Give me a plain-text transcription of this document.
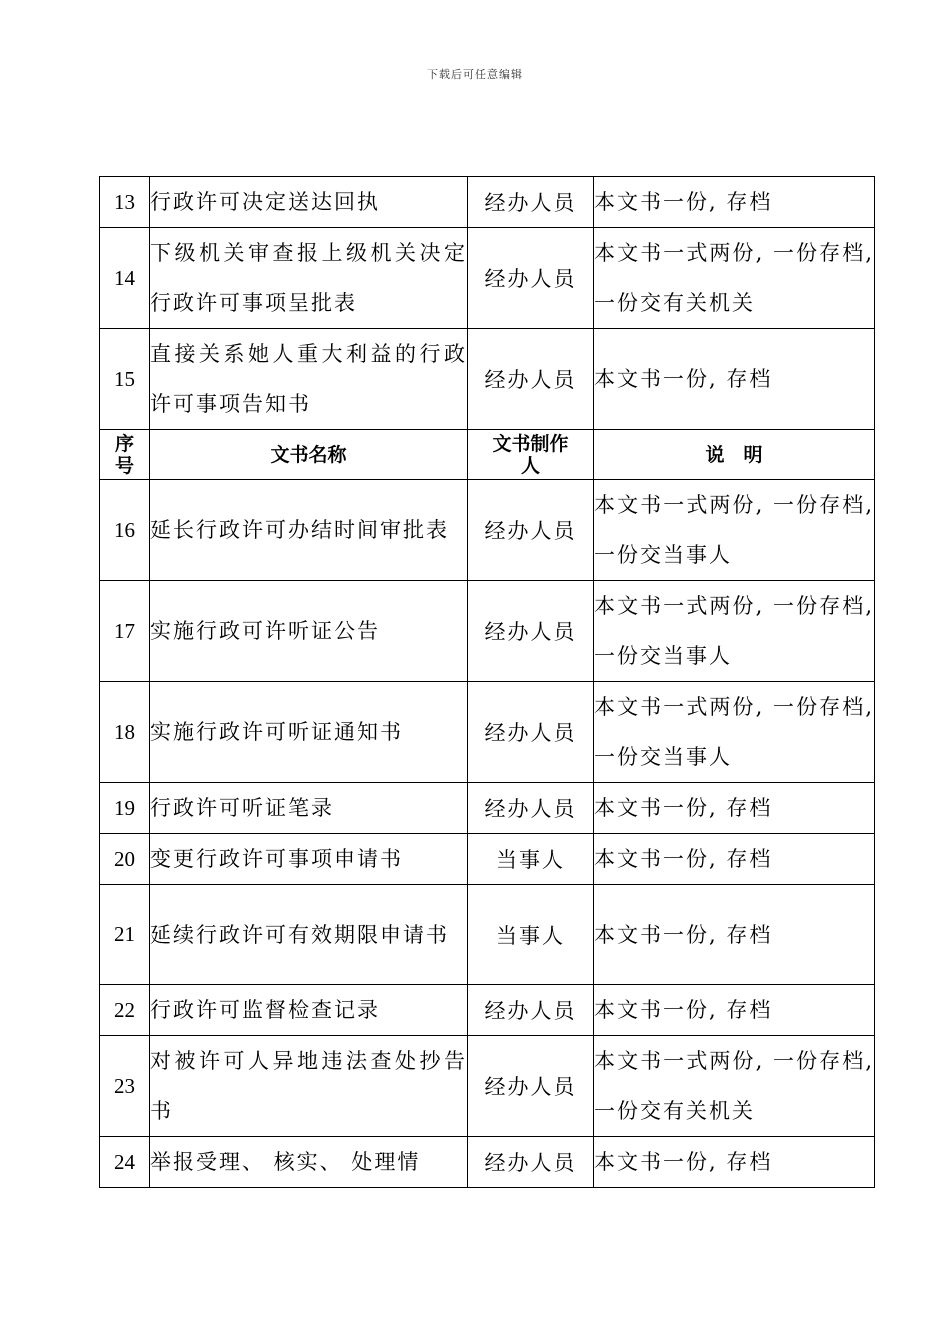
下载后可任意编辑
13	行政许可决定送达回执	经办人员	本文书一份, 存档
14	下级机关审查报上级机关决定行政许可事项呈批表	经办人员	本文书一式两份, 一份存档, 一份交有关机关
15	直接关系她人重大利益的行政许可事项告知书	经办人员	本文书一份, 存档
序号	文书名称	文书制作人	说　明
16	延长行政许可办结时间审批表	经办人员	本文书一式两份, 一份存档, 一份交当事人
17	实施行政可许听证公告	经办人员	本文书一式两份, 一份存档, 一份交当事人
18	实施行政许可听证通知书	经办人员	本文书一式两份, 一份存档, 一份交当事人
19	行政许可听证笔录	经办人员	本文书一份, 存档
20	变更行政许可事项申请书	当事人	本文书一份, 存档
21	延续行政许可有效期限申请书	当事人	本文书一份, 存档
22	行政许可监督检查记录	经办人员	本文书一份, 存档
23	对被许可人异地违法查处抄告书	经办人员	本文书一式两份, 一份存档, 一份交有关机关
24	举报受理、 核实、 处理情	经办人员	本文书一份, 存档
